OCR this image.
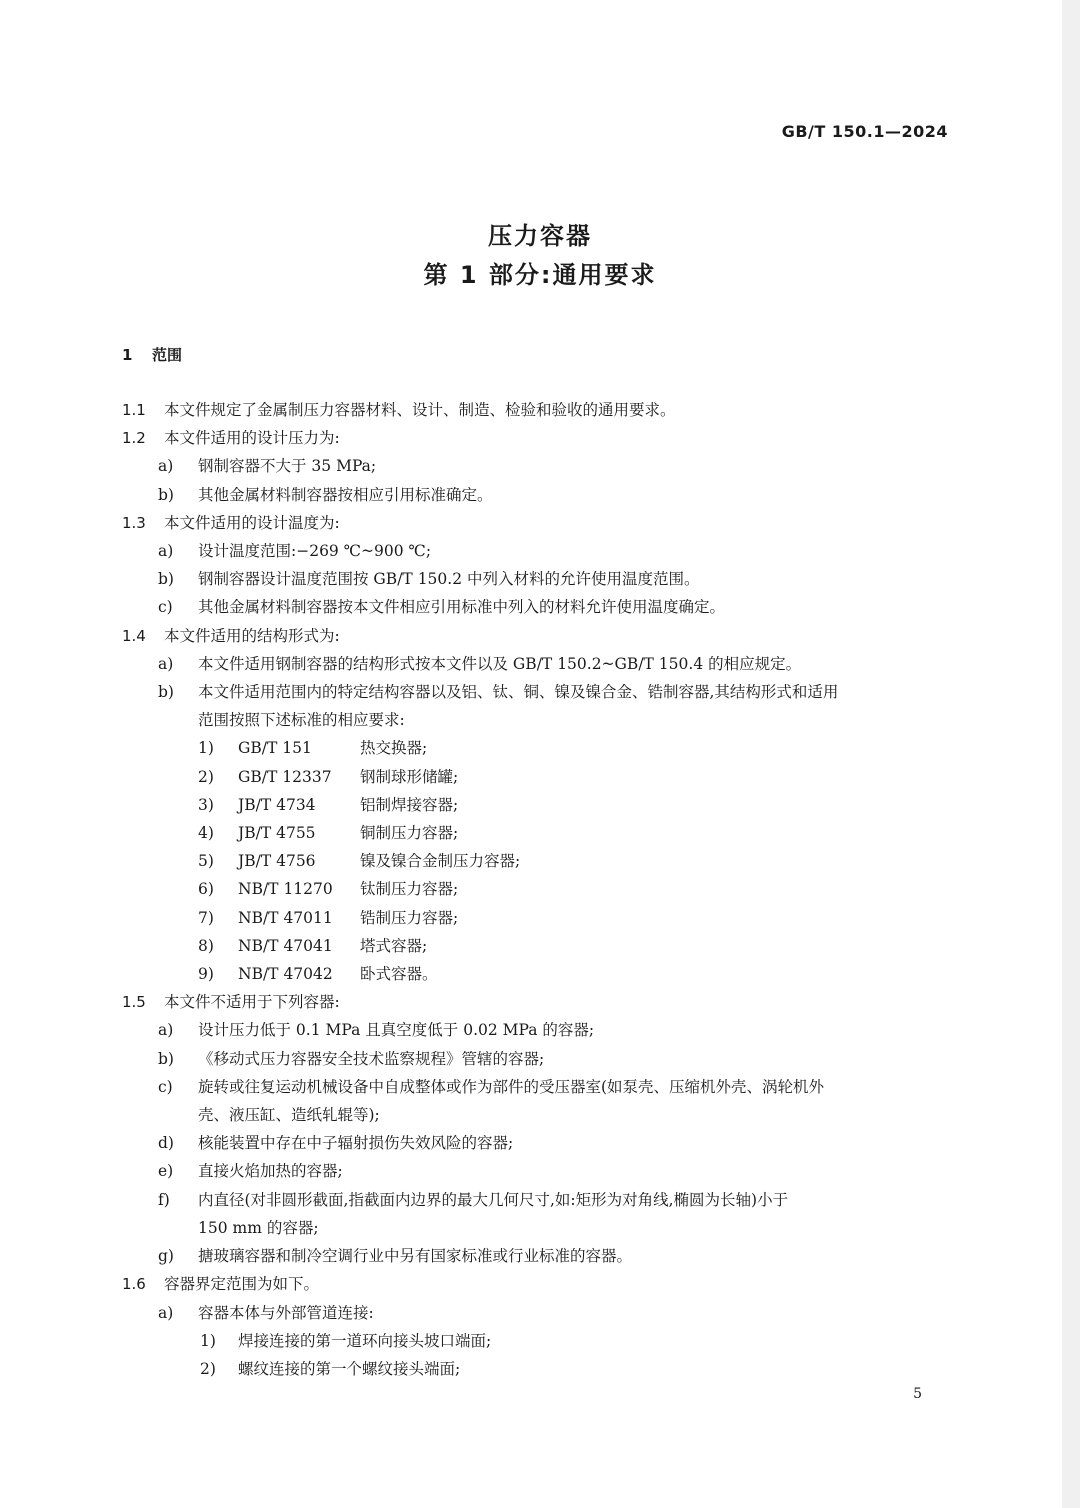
GB/T 150.1—2024
压力容器
第 1 部分:通用要求
1 范围
1.1 本文件规定了金属制压力容器材料、设计、制造、检验和验收的通用要求。
1.2 本文件适用的设计压力为:
a) 钢制容器不大于 35 MPa;
b) 其他金属材料制容器按相应引用标准确定。
1.3 本文件适用的设计温度为:
a) 设计温度范围:−269 ℃~900 ℃;
b) 钢制容器设计温度范围按 GB/T 150.2 中列入材料的允许使用温度范围。
c) 其他金属材料制容器按本文件相应引用标准中列入的材料允许使用温度确定。
1.4 本文件适用的结构形式为:
a) 本文件适用钢制容器的结构形式按本文件以及 GB/T 150.2~GB/T 150.4 的相应规定。
b) 本文件适用范围内的特定结构容器以及铝、钛、铜、镍及镍合金、锆制容器,其结构形式和适用
范围按照下述标准的相应要求:
1) GB/T 151	热交换器;
2) GB/T 12337 钢制球形储罐;
3) JB/T 4734	铝制焊接容器;
4) JB/T 4755	铜制压力容器;
5) JB/T 4756	镍及镍合金制压力容器;
6) NB/T 11270 钛制压力容器;
7) NB/T 47011 锆制压力容器;
8) NB/T 47041 塔式容器;
9) NB/T 47042 卧式容器。
1.5 本文件不适用于下列容器:
a) 设计压力低于 0.1 MPa 且真空度低于 0.02 MPa 的容器;
b) 《移动式压力容器安全技术监察规程》管辖的容器;
c) 旋转或往复运动机械设备中自成整体或作为部件的受压器室(如泵壳、压缩机外壳、涡轮机外
壳、液压缸、造纸轧辊等);
d) 核能装置中存在中子辐射损伤失效风险的容器;
e) 直接火焰加热的容器;
f) 内直径(对非圆形截面,指截面内边界的最大几何尺寸,如:矩形为对角线,椭圆为长轴)小于
150 mm 的容器;
g) 搪玻璃容器和制冷空调行业中另有国家标准或行业标准的容器。
1.6 容器界定范围为如下。
a) 容器本体与外部管道连接:
1) 焊接连接的第一道环向接头坡口端面;
2) 螺纹连接的第一个螺纹接头端面;
5
